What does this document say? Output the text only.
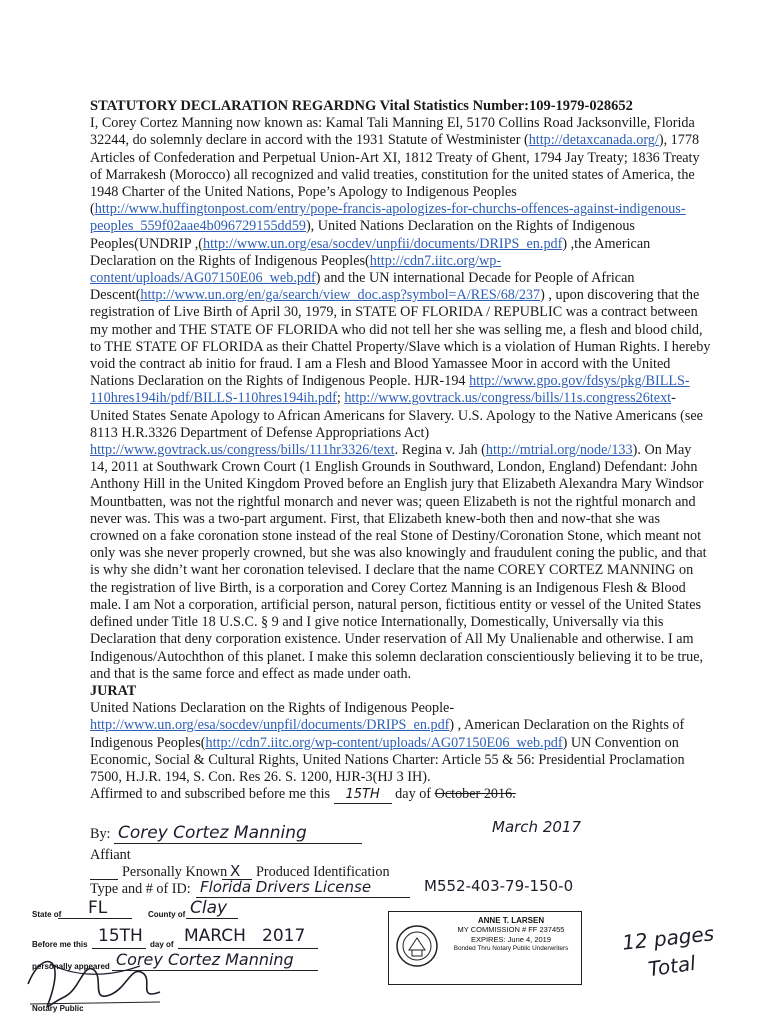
STATUTORY DECLARATION REGARDNG Vital Statistics Number:109-1979-028652

I, Corey Cortez Manning now known as: Kamal Tali Manning El, 5170 Collins Road Jacksonville, Florida 32244, do solemnly declare in accord with the 1931 Statute of Westminister (http://detaxcanada.org/), 1778 Articles of Confederation and Perpetual Union-Art XI, 1812 Treaty of Ghent, 1794 Jay Treaty; 1836 Treaty of Marrakesh (Morocco) all recognized and valid treaties, constitution for the united states of America, the 1948 Charter of the United Nations, Pope’s Apology to Indigenous Peoples (http://www.huffingtonpost.com/entry/pope-francis-apologizes-for-churchs-offences-against-indigenous-peoples_559f02aae4b096729155dd59), United Nations Declaration on the Rights of Indigenous Peoples(UNDRIP ,(http://www.un.org/esa/socdev/unpfii/documents/DRIPS_en.pdf) ,the American Declaration on the Rights of Indigenous Peoples(http://cdn7.iitc.org/wp-content/uploads/AG07150E06_web.pdf) and the UN international Decade for People of African Descent(http://www.un.org/en/ga/search/view_doc.asp?symbol=A/RES/68/237) , upon discovering that the registration of Live Birth of April 30, 1979, in STATE OF FLORIDA / REPUBLIC was a contract between my mother and THE STATE OF FLORIDA who did not tell her she was selling me, a flesh and blood child, to THE STATE OF FLORIDA as their Chattel Property/Slave which is a violation of Human Rights. I hereby void the contract ab initio for fraud. I am a Flesh and Blood Yamassee Moor in accord with the United Nations Declaration on the Rights of Indigenous People. HJR-194 http://www.gpo.gov/fdsys/pkg/BILLS-110hres194ih/pdf/BILLS-110hres194ih.pdf; http://www.govtrack.us/congress/bills/11s.congress26text- United States Senate Apology to African Americans for Slavery. U.S. Apology to the Native Americans (see 8113 H.R.3326 Department of Defense Appropriations Act) http://www.govtrack.us/congress/bills/111hr3326/text. Regina v. Jah (http://mtrial.org/node/133). On May 14, 2011 at Southwark Crown Court (1 English Grounds in Southward, London, England) Defendant: John Anthony Hill in the United Kingdom Proved before an English jury that Elizabeth Alexandra Mary Windsor Mountbatten, was not the rightful monarch and never was; queen Elizabeth is not the rightful monarch and never was. This was a two-part argument. First, that Elizabeth knew-both then and now-that she was crowned on a fake coronation stone instead of the real Stone of Destiny/Coronation Stone, which meant not only was she never properly crowned, but she was also knowingly and fraudulent coning the public, and that is why she didn’t want her coronation televised. I declare that the name COREY CORTEZ MANNING on the registration of live Birth, is a corporation and Corey Cortez Manning is an Indigenous Flesh & Blood male. I am Not a corporation, artificial person, natural person, fictitious entity or vessel of the United States defined under Title 18 U.S.C. § 9 and I give notice Internationally, Domestically, Universally via this Declaration that deny corporation existence. Under reservation of All My Unalienable and otherwise. I am Indigenous/Autochthon of this planet. I make this solemn declaration conscientiously believing it to be true, and that is the same force and effect as made under oath.

JURAT

United Nations Declaration on the Rights of Indigenous People- http://www.un.org/esa/socdev/unpfil/documents/DRIPS_en.pdf) , American Declaration on the Rights of Indigenous Peoples(http://cdn7.iitc.org/wp-content/uploads/AG07150E06_web.pdf) UN Convention on Economic, Social & Cultural Rights, United Nations Charter: Article 55 & 56: Presidential Proclamation 7500, H.J.R. 194, S. Con. Res 26. S. 1200, HJR-3(HJ 3 IH).

Affirmed to and subscribed before me this 15TH day of October 2016.

March 2017
By: Corey Cortez Manning
Affiant
Personally Known X Produced Identification
Type and # of ID: Florida Drivers License	M552-403-79-150-0
State of FL	County of Clay
Before me this 15TH day of MARCH 2017
personally appeared Corey Cortez Manning
Notary Public
ANNE T. LARSEN
MY COMMISSION # FF 237455
EXPIRES: June 4, 2019
Bonded Thru Notary Public Underwriters	12 pages
Total
